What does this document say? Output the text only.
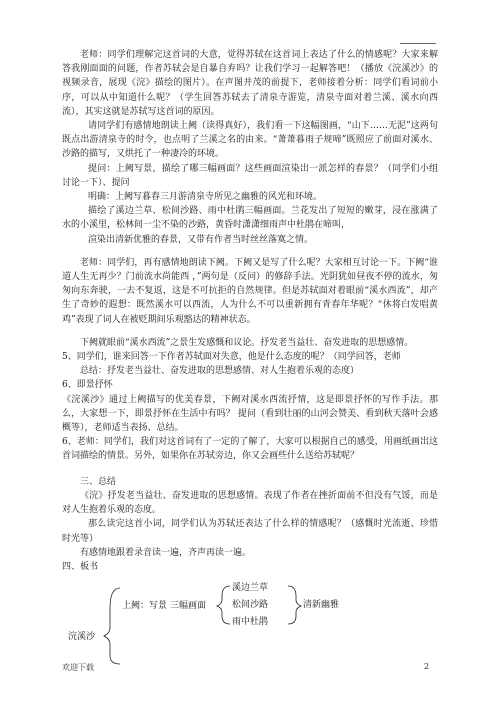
老师：同学们理解完这首词的大意，觉得苏轼在这首词上表达了什么的情感呢？大家来解答我刚面面的问题，作者苏轼会是自暴自弃吗？让我们学习一起解答吧！（播放《浣溪沙》的视频录音，展现《浣》描绘的图片）。在声图并茂的前提下，老师接着分析：同学们看词前小序，可以从中知道什么呢？（学生回答苏轼去了清泉寺游览，清泉寺面对着兰溪、溪水向西流），其实这就是苏轼写这首词的原因。

请同学们有感情地朗读上阙（读得真好），我们看一下这幅图画，“山下……无泥”这两句既点出游清泉寺的时令，也点明了兰溪之名的由来。“萧萧暮雨子规啼”既照应了前面对溪水、沙路的描写，又烘托了一种凄冷的环境。

提问：上阙写景，描绘了哪三幅画面？这些画面渲染出一派怎样的春景？（同学们小组讨论一下）、提问

明确：上阙写暮春三月游清泉寺所见之幽雅的风光和环境。

描绘了溪边兰草、松间沙路、雨中杜鹃三幅画面。兰花发出了短短的嫩芽，浸在涨满了水的小溪里，松林间一尘不染的沙路，黄昏时潇潇细雨声中杜鹃在啼叫，

渲染出清新优雅的春景，又带有作者当时丝丝落寞之情。

老师：同学们，再有感情地朗读下阙。下阙又是写了什么呢？大家相互讨论一下。下阙“谁道人生无再少？门前流水尚能西 ，”两句是（反问）的修辞手法。光阴犹如昼夜不停的流水，匆匆向东奔驶，一去不复返，这是不可抗拒的自然规律。但是苏轼面对着眼前“溪水西流”，却产生了奇妙的遐想：既然溪水可以西流，人为什么不可以重新拥有青春年华呢？“休将白发唱黄鸡”表现了词人在被贬期间乐观豁达的精神状态。

下阙就眼前“溪水西流”之景生发感慨和议论。抒发老当益壮、奋发进取的思想感情。

5、同学们，谁来回答一下作者苏轼面对失意，他是什么态度的呢？（同学回答，老师

总结：抒发老当益壮、奋发进取的思想感情、对人生抱着乐观的态度）

6、即景抒怀

《浣溪沙》通过上阙描写的优美春景，下阙对溪水西流抒情，这是即景抒怀的写作手法。那么，大家想一下，即景抒怀在生活中有吗？ 提问（看到壮丽的山河会赞美、看到秋天落叶会感概等），老师适当表扬、总结。

6、老师：同学们，我们对这首词有了一定的了解了，大家可以根据自己的感受，用画纸画出这首词描绘的情景。另外，如果你在苏轼旁边，你又会画些什么送给苏轼呢？

三、总结

《浣》抒发老当益壮、奋发进取的思想感情。表现了作者在挫折面前不但没有气馁，而是对人生抱着乐观的态度。

那么读完这首小词，同学们认为苏轼还表达了什么样的情感呢？（感慨时光流逝、珍惜时光等）

有感情地跟着录音读一遍，齐声再读一遍。

四、板书

上阙：写景 三幅画面
溪边兰草
松间沙路
雨中杜鹃
清新幽雅
浣溪沙
欢迎下载	2
